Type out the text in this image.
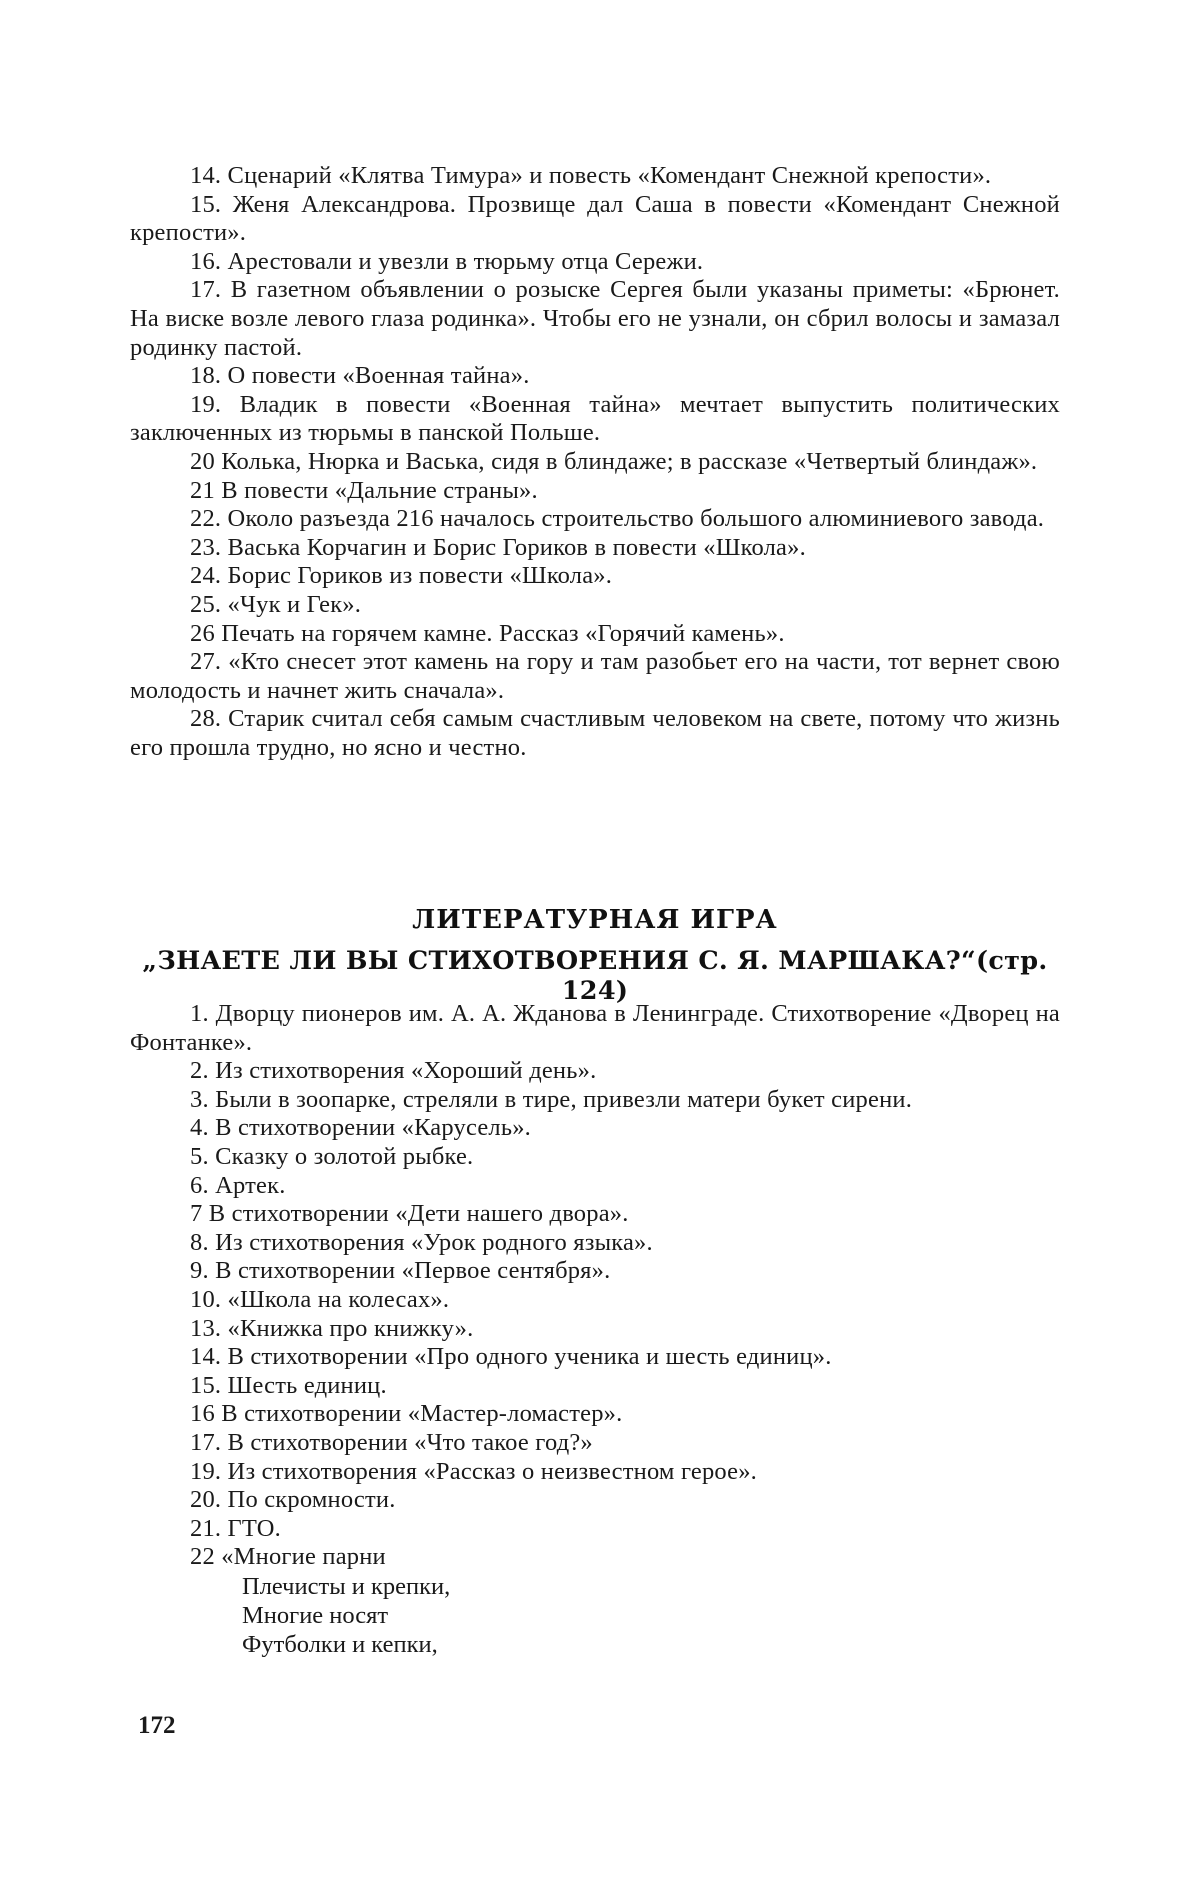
14. Сценарий «Клятва Тимура» и повесть «Комендант Снежной крепости».

15. Женя Александрова. Прозвище дал Саша в повести «Комендант Снежной крепости».

16. Арестовали и увезли в тюрьму отца Сережи.

17. В газетном объявлении о розыске Сергея были указаны приметы: «Брюнет. На виске возле левого глаза родинка». Чтобы его не узнали, он сбрил волосы и замазал родинку пастой.

18. О повести «Военная тайна».

19. Владик в повести «Военная тайна» мечтает выпустить политических заключенных из тюрьмы в панской Польше.

20 Колька, Нюрка и Васька, сидя в блиндаже; в рассказе «Четвертый блиндаж».

21 В повести «Дальние страны».

22. Около разъезда 216 началось строительство большого алюминиевого завода.

23. Васька Корчагин и Борис Гориков в повести «Школа».

24. Борис Гориков из повести «Школа».

25. «Чук и Гек».

26 Печать на горячем камне. Рассказ «Горячий камень».

27. «Кто снесет этот камень на гору и там разобьет его на части, тот вернет свою молодость и начнет жить сначала».

28. Старик считал себя самым счастливым человеком на свете, потому что жизнь его прошла трудно, но ясно и честно.

ЛИТЕРАТУРНАЯ ИГРА
„ЗНАЕТЕ ЛИ ВЫ СТИХОТВОРЕНИЯ С. Я. МАРШАКА?“(стр. 124)

1. Дворцу пионеров им. А. А. Жданова в Ленинграде. Стихотворение «Дворец на Фонтанке».

2. Из стихотворения «Хороший день».

3. Были в зоопарке, стреляли в тире, привезли матери букет сирени.

4. В стихотворении «Карусель».

5. Сказку о золотой рыбке.

6. Артек.

7 В стихотворении «Дети нашего двора».

8. Из стихотворения «Урок родного языка».

9. В стихотворении «Первое сентября».

10. «Школа на колесах».

13. «Книжка про книжку».

14. В стихотворении «Про одного ученика и шесть единиц».

15. Шесть единиц.

16 В стихотворении «Мастер-ломастер».

17. В стихотворении «Что такое год?»

19. Из стихотворения «Рассказ о неизвестном герое».

20. По скромности.

21. ГТО.

22 «Многие парни

Плечисты и крепки,
Многие носят
Футболки и кепки,
172
